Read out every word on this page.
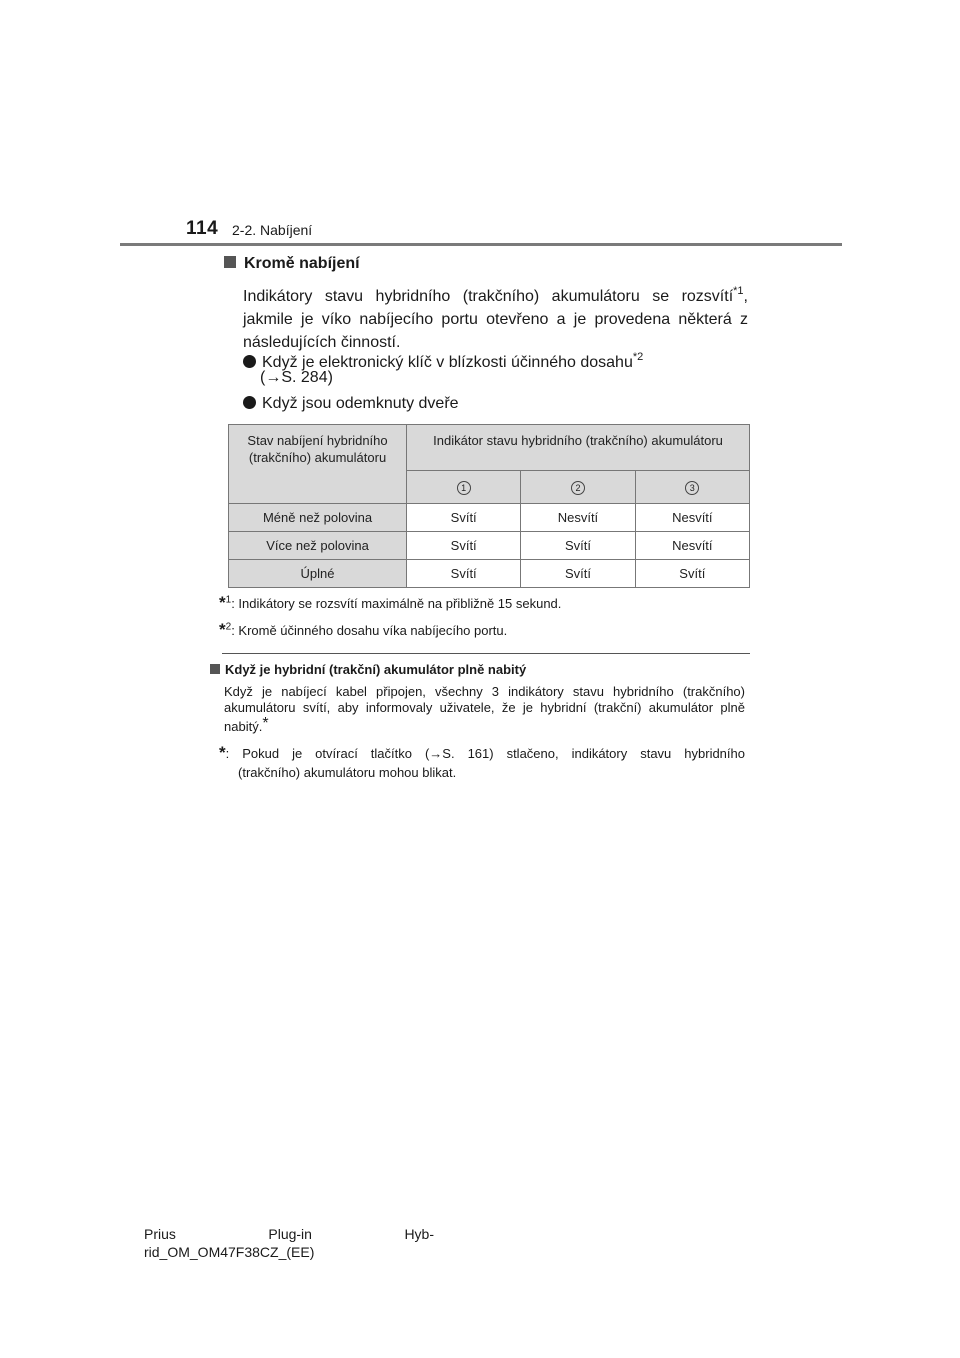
114 2-2. Nabíjení
Kromě nabíjení
Indikátory stavu hybridního (trakčního) akumulátoru se rozsvítí$^{*1}$, jakmile je víko nabíjecího portu otevřeno a je provedena některá z následujících činností.
Když je elektronický klíč v blízkosti účinného dosahu$^{*2}$
(→S. 284)
Když jsou odemknuty dveře
Stav nabíjení hybridního (trakčního) akumulátoru	Indikátor stavu hybridního (trakčního) akumulátoru		

	1	2	3
Méně než polovina	Svítí	Nesvítí	Nesvítí
Více než polovina	Svítí	Svítí	Nesvítí
Úplné	Svítí	Svítí	Svítí
*$^1$: Indikátory se rozsvítí maximálně na přibližně 15 sekund.
*$^2$: Kromě účinného dosahu víka nabíjecího portu.
Když je hybridní (trakční) akumulátor plně nabitý
Když je nabíjecí kabel připojen, všechny 3 indikátory stavu hybridního (trakčního) akumulátoru svítí, aby informovaly uživatele, že je hybridní (trakční) akumulátor plně nabitý.*
*: Pokud je otvírací tlačítko (→S. 161) stlačeno, indikátory stavu hybridního
(trakčního) akumulátoru mohou blikat.
Prius	Plug-in	Hyb-
rid_OM_OM47F38CZ_(EE)
